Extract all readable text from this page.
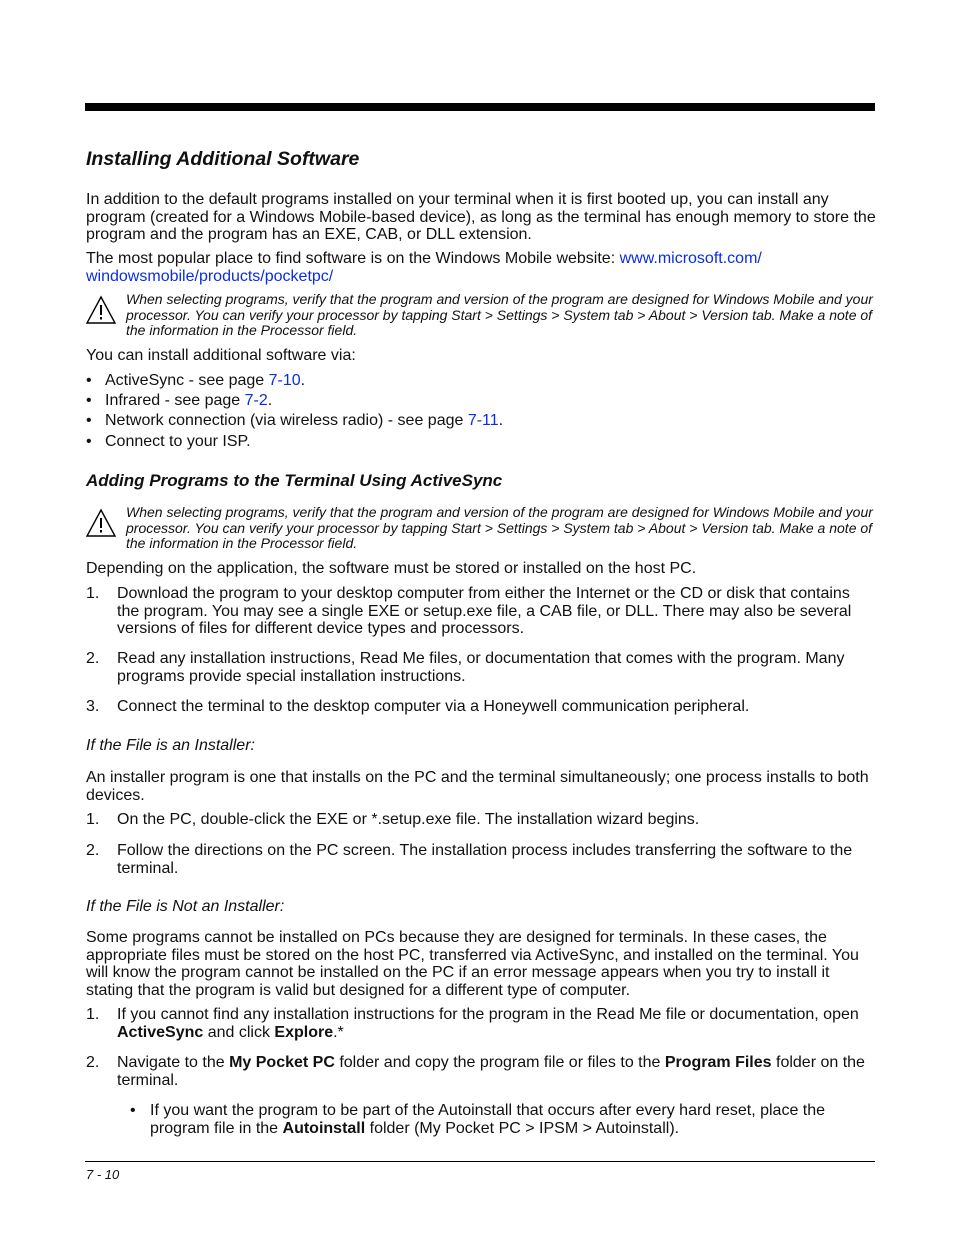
Installing Additional Software
In addition to the default programs installed on your terminal when it is first booted up, you can install any program (created for a Windows Mobile-based device), as long as the terminal has enough memory to store the program and the program has an EXE, CAB, or DLL extension.
The most popular place to find software is on the Windows Mobile website: www.microsoft.com/ windowsmobile/products/pocketpc/
When selecting programs, verify that the program and version of the program are designed for Windows Mobile and your processor. You can verify your processor by tapping Start > Settings > System tab > About > Version tab. Make a note of the information in the Processor field.
You can install additional software via:
• ActiveSync - see page 7-10.
• Infrared - see page 7-2.
• Network connection (via wireless radio) - see page 7-11.
• Connect to your ISP.
Adding Programs to the Terminal Using ActiveSync
When selecting programs, verify that the program and version of the program are designed for Windows Mobile and your processor. You can verify your processor by tapping Start > Settings > System tab > About > Version tab. Make a note of the information in the Processor field.
Depending on the application, the software must be stored or installed on the host PC.
1. Download the program to your desktop computer from either the Internet or the CD or disk that contains the program. You may see a single EXE or setup.exe file, a CAB file, or DLL. There may also be several versions of files for different device types and processors.
2. Read any installation instructions, Read Me files, or documentation that comes with the program. Many programs provide special installation instructions.
3. Connect the terminal to the desktop computer via a Honeywell communication peripheral.
If the File is an Installer:
An installer program is one that installs on the PC and the terminal simultaneously; one process installs to both devices.
1. On the PC, double-click the EXE or *.setup.exe file. The installation wizard begins.
2. Follow the directions on the PC screen. The installation process includes transferring the software to the terminal.
If the File is Not an Installer:
Some programs cannot be installed on PCs because they are designed for terminals. In these cases, the appropriate files must be stored on the host PC, transferred via ActiveSync, and installed on the terminal. You will know the program cannot be installed on the PC if an error message appears when you try to install it stating that the program is valid but designed for a different type of computer.
1. If you cannot find any installation instructions for the program in the Read Me file or documentation, open ActiveSync and click Explore.*
2. Navigate to the My Pocket PC folder and copy the program file or files to the Program Files folder on the terminal.
• If you want the program to be part of the Autoinstall that occurs after every hard reset, place the program file in the Autoinstall folder (My Pocket PC > IPSM > Autoinstall).
7 - 10
